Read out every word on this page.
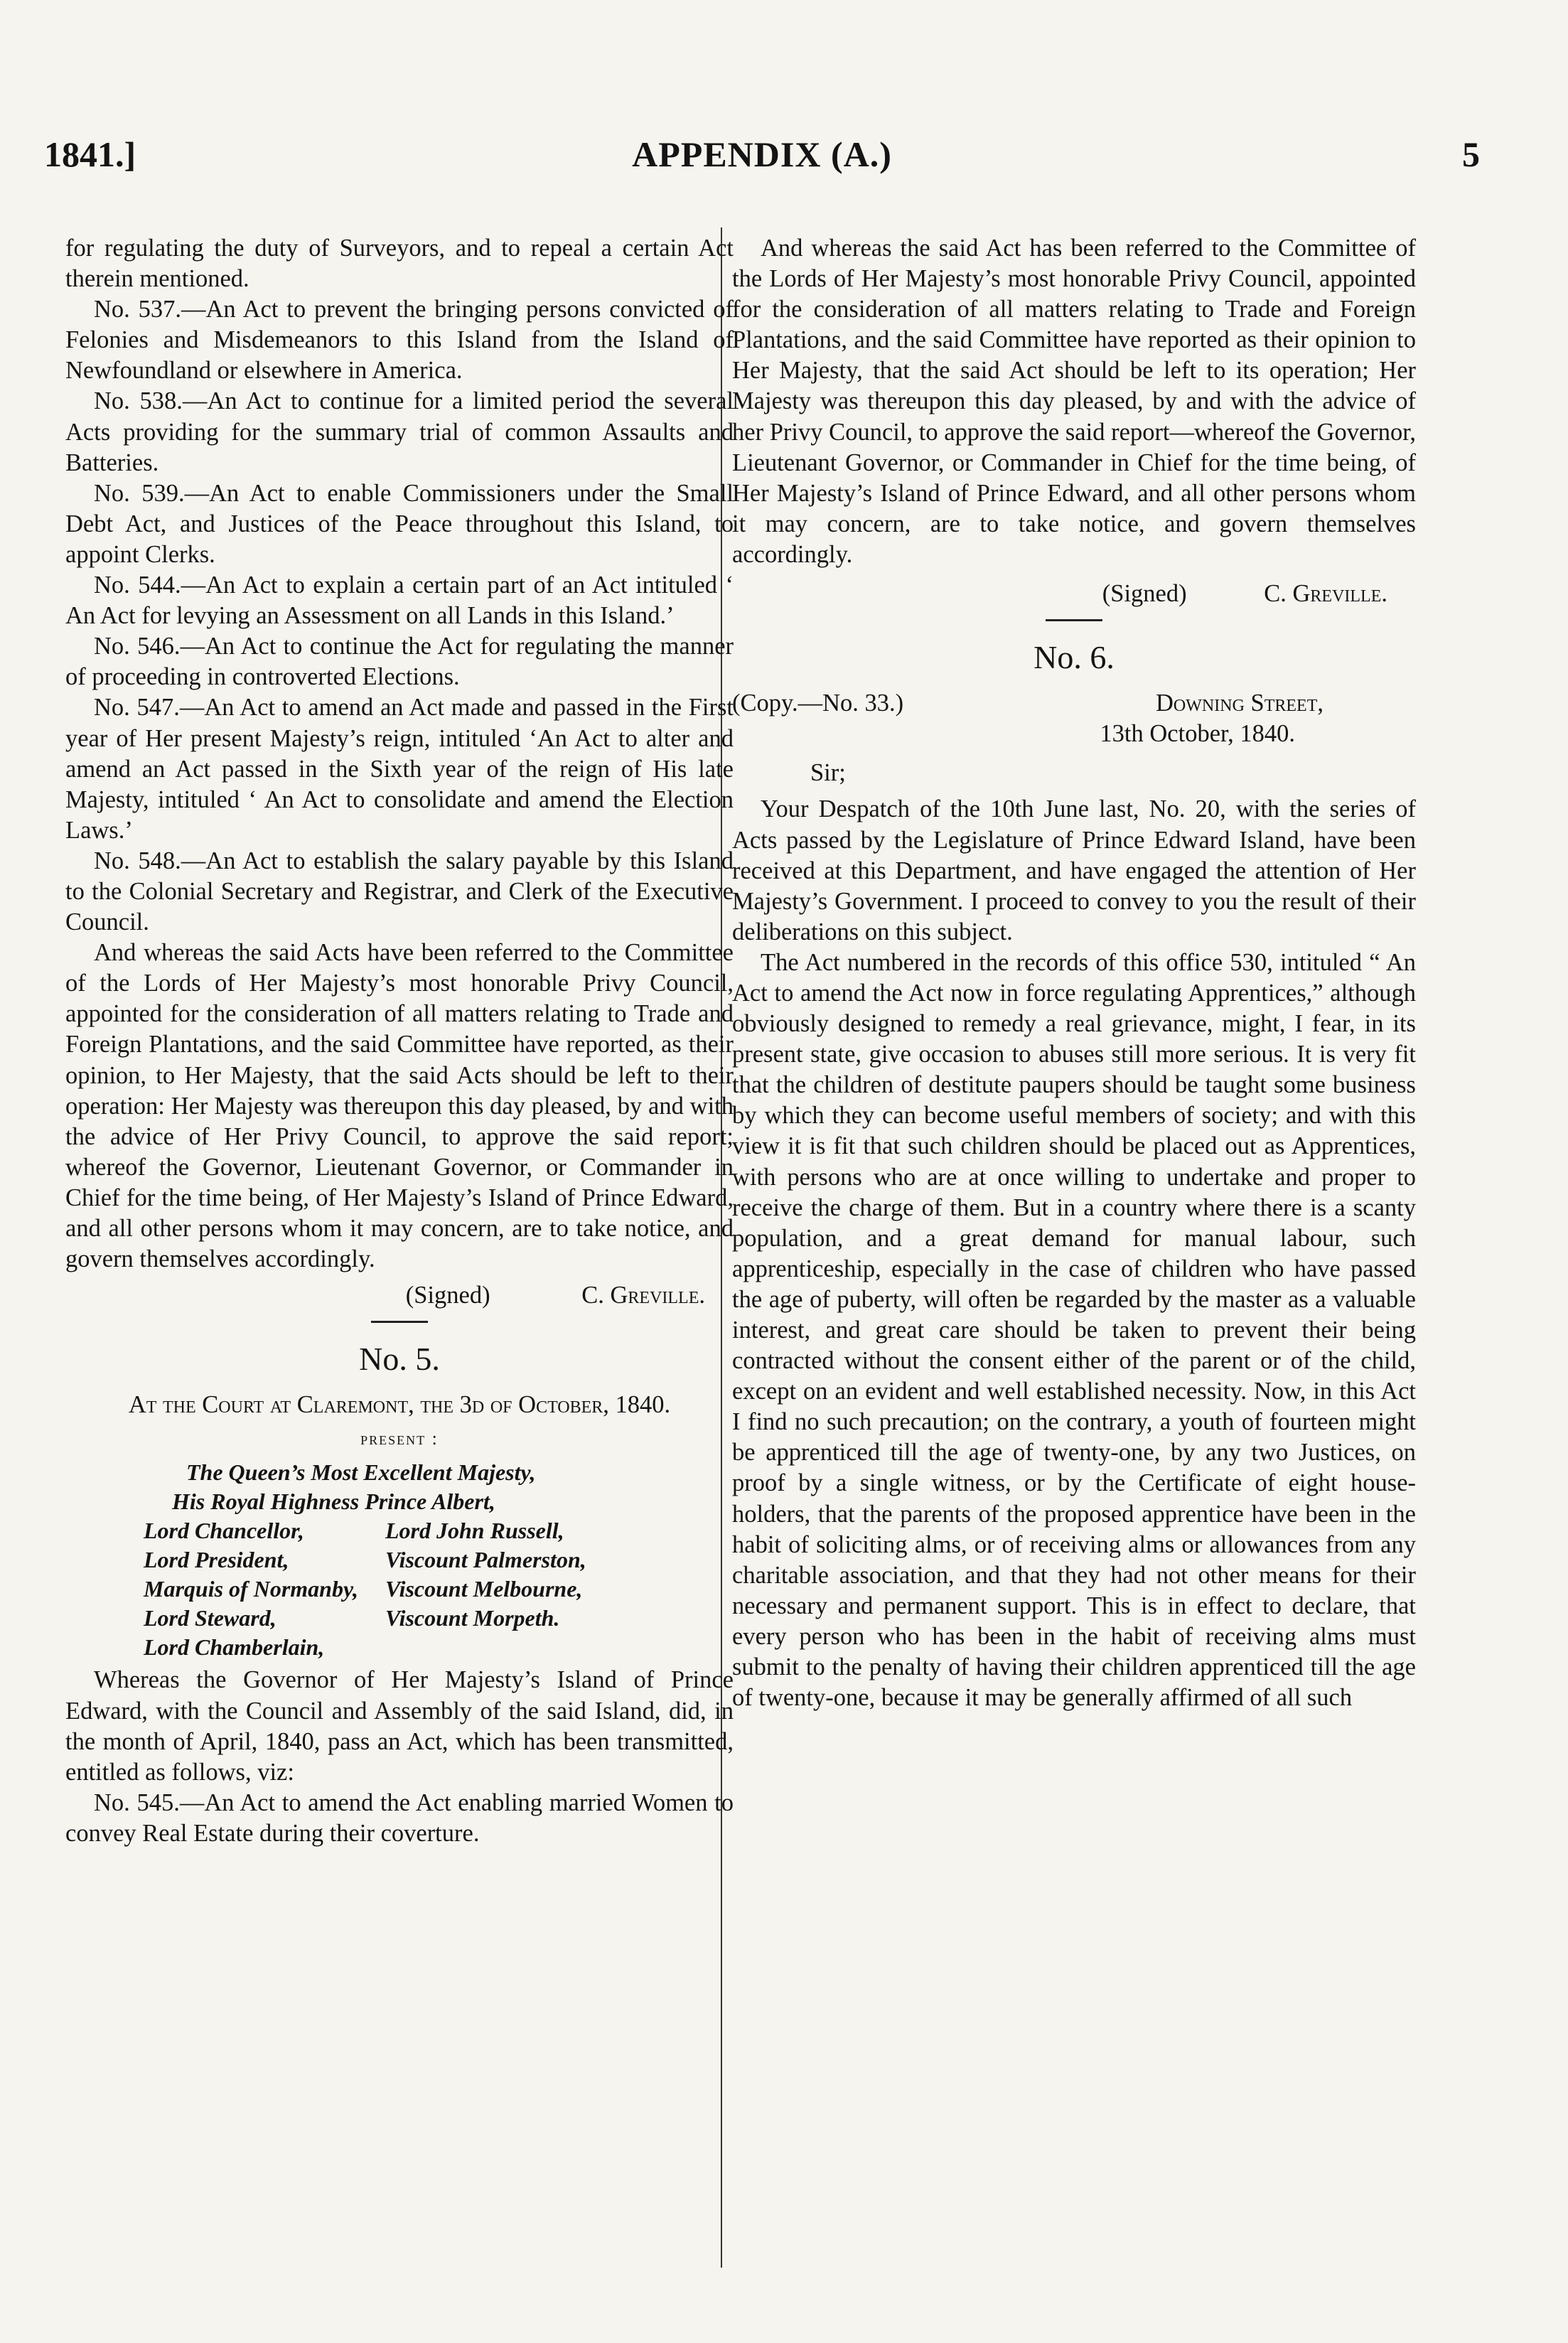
1841.]	APPENDIX (A.)	5

for regulating the duty of Surveyors, and to repeal a certain Act therein mentioned.

No. 537.—An Act to prevent the bringing persons convicted of Felonies and Misdemeanors to this Island from the Island of Newfoundland or elsewhere in America.

No. 538.—An Act to continue for a limited period the several Acts providing for the summary trial of common Assaults and Batteries.

No. 539.—An Act to enable Commissioners under the Small Debt Act, and Justices of the Peace throughout this Island, to appoint Clerks.

No. 544.—An Act to explain a certain part of an Act intituled ‘ An Act for levying an Assessment on all Lands in this Island.’

No. 546.—An Act to continue the Act for regulating the manner of proceeding in controverted Elections.

No. 547.—An Act to amend an Act made and passed in the First year of Her present Majesty’s reign, intituled ‘An Act to alter and amend an Act passed in the Sixth year of the reign of His late Majesty, intituled ‘ An Act to consolidate and amend the Election Laws.’

No. 548.—An Act to establish the salary payable by this Island to the Colonial Secretary and Registrar, and Clerk of the Executive Council.

And whereas the said Acts have been referred to the Committee of the Lords of Her Majesty’s most honorable Privy Council, appointed for the consideration of all matters relating to Trade and Foreign Plantations, and the said Committee have reported, as their opinion, to Her Majesty, that the said Acts should be left to their operation: Her Majesty was thereupon this day pleased, by and with the advice of Her Privy Council, to approve the said report; whereof the Governor, Lieutenant Governor, or Commander in Chief for the time being, of Her Majesty’s Island of Prince Edward, and all other persons whom it may concern, are to take notice, and govern themselves accordingly.

(Signed)	C. Greville.

No. 5.

At the Court at Claremont, the 3d of October, 1840.

present :
The Queen’s Most Excellent Majesty,
His Royal Highness Prince Albert,
Lord Chancellor,	Lord John Russell,
Lord President,	Viscount Palmerston,
Marquis of Normanby,	Viscount Melbourne,
Lord Steward,	Viscount Morpeth.
Lord Chamberlain,

Whereas the Governor of Her Majesty’s Island of Prince Edward, with the Council and Assembly of the said Island, did, in the month of April, 1840, pass an Act, which has been transmitted, entitled as follows, viz:

No. 545.—An Act to amend the Act enabling married Women to convey Real Estate during their coverture.

And whereas the said Act has been referred to the Committee of the Lords of Her Majesty’s most honorable Privy Council, appointed for the consideration of all matters relating to Trade and Foreign Plantations, and the said Committee have reported as their opinion to Her Majesty, that the said Act should be left to its operation; Her Majesty was thereupon this day pleased, by and with the advice of her Privy Council, to approve the said report—whereof the Governor, Lieutenant Governor, or Commander in Chief for the time being, of Her Majesty’s Island of Prince Edward, and all other persons whom it may concern, are to take notice, and govern themselves accordingly.

(Signed)	C. Greville.

No. 6.
(Copy.—No. 33.)	Downing Street,
13th October, 1840.
Sir;

Your Despatch of the 10th June last, No. 20, with the series of Acts passed by the Legislature of Prince Edward Island, have been received at this Department, and have engaged the attention of Her Majesty’s Government. I proceed to convey to you the result of their deliberations on this subject.

The Act numbered in the records of this office 530, intituled “ An Act to amend the Act now in force regulating Apprentices,” although obviously designed to remedy a real grievance, might, I fear, in its present state, give occasion to abuses still more serious. It is very fit that the children of destitute paupers should be taught some business by which they can become useful members of society; and with this view it is fit that such children should be placed out as Apprentices, with persons who are at once willing to undertake and proper to receive the charge of them. But in a country where there is a scanty population, and a great demand for manual labour, such apprenticeship, especially in the case of children who have passed the age of puberty, will often be regarded by the master as a valuable interest, and great care should be taken to prevent their being contracted without the consent either of the parent or of the child, except on an evident and well established necessity. Now, in this Act I find no such precaution; on the contrary, a youth of fourteen might be apprenticed till the age of twenty-one, by any two Justices, on proof by a single witness, or by the Certificate of eight house-holders, that the parents of the proposed apprentice have been in the habit of soliciting alms, or of receiving alms or allowances from any charitable association, and that they had not other means for their necessary and permanent support. This is in effect to declare, that every person who has been in the habit of receiving alms must submit to the penalty of having their children apprenticed till the age of twenty-one, because it may be generally affirmed of all such
